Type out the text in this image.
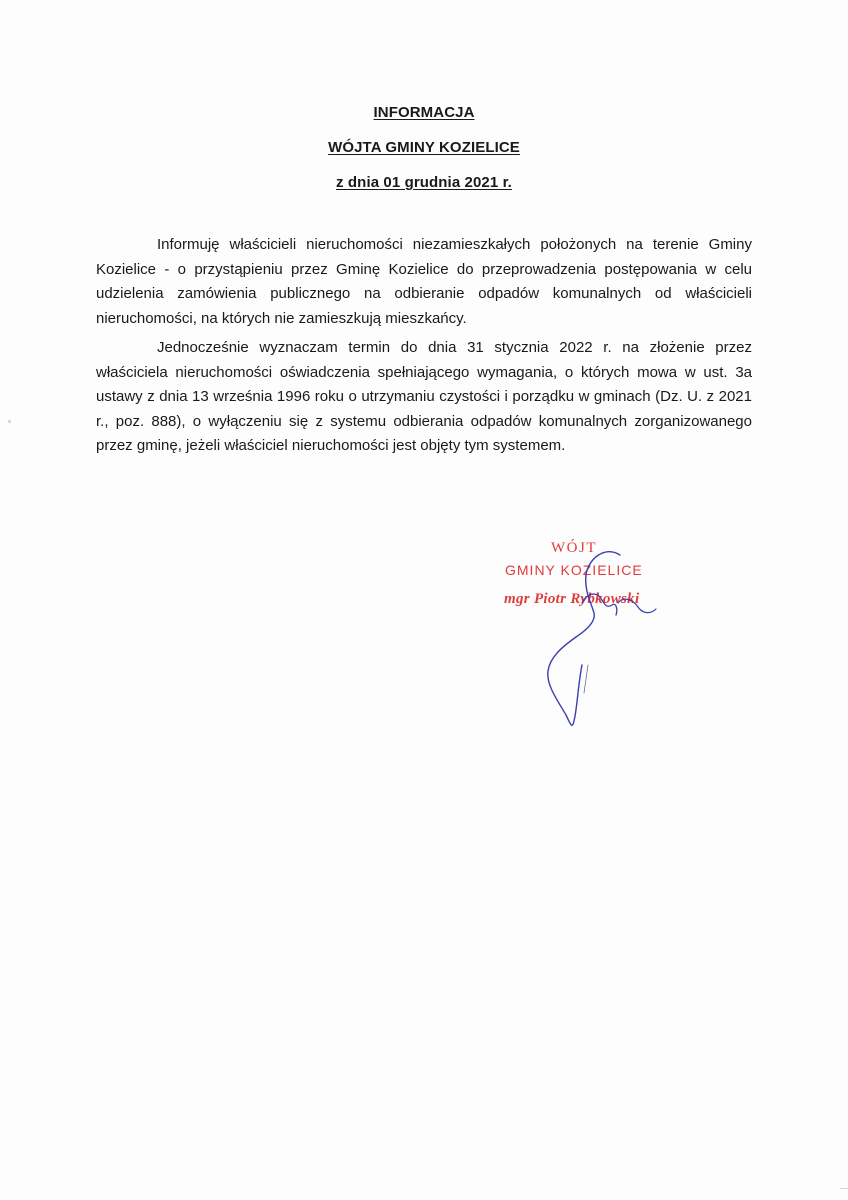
INFORMACJA
WÓJTA GMINY KOZIELICE
z dnia 01 grudnia 2021 r.

Informuję właścicieli nieruchomości niezamieszkałych położonych na terenie Gminy Kozielice - o przystąpieniu przez Gminę Kozielice do przeprowadzenia postępowania w celu udzielenia zamówienia publicznego na odbieranie odpadów komunalnych od właścicieli nieruchomości, na których nie zamieszkują mieszkańcy.

Jednocześnie wyznaczam termin do dnia 31 stycznia 2022 r. na złożenie przez właściciela nieruchomości oświadczenia spełniającego wymagania, o których mowa w ust. 3a ustawy z dnia 13 września 1996 roku o utrzymaniu czystości i porządku w gminach (Dz. U. z 2021 r., poz. 888), o wyłączeniu się z systemu odbierania odpadów komunalnych zorganizowanego przez gminę, jeżeli właściciel nieruchomości jest objęty tym systemem.

WÓJT
GMINY KOZIELICE
mgr Piotr Rybkowski
